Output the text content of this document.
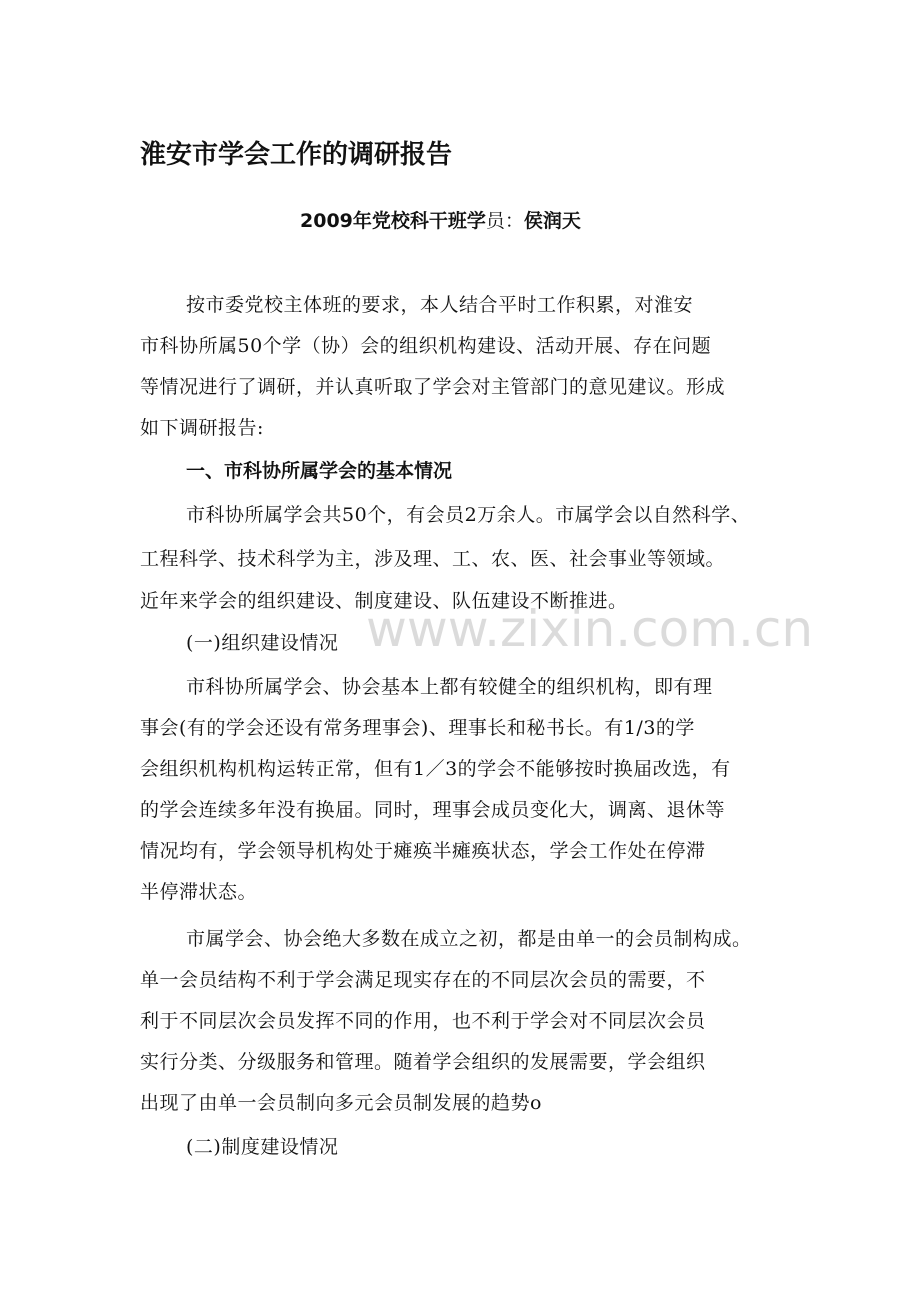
淮安市学会工作的调研报告
2009年党校科干班学员：侯润天
按市委党校主体班的要求，本人结合平时工作积累，对淮安
市科协所属50个学（协）会的组织机构建设、活动开展、存在问题
等情况进行了调研，并认真听取了学会对主管部门的意见建议。形成
如下调研报告:
一、市科协所属学会的基本情况
市科协所属学会共50个，有会员2万余人。市属学会以自然科学、
工程科学、技术科学为主，涉及理、工、农、医、社会事业等领域。
近年来学会的组织建设、制度建设、队伍建设不断推进。
(一)组织建设情况
市科协所属学会、协会基本上都有较健全的组织机构，即有理
事会(有的学会还设有常务理事会)、理事长和秘书长。有1/3的学
会组织机构机构运转正常，但有1／3的学会不能够按时换届改选，有
的学会连续多年没有换届。同时，理事会成员变化大，调离、退休等
情况均有，学会领导机构处于瘫痪半瘫痪状态，学会工作处在停滞
半停滞状态。
市属学会、协会绝大多数在成立之初，都是由单一的会员制构成。
单一会员结构不利于学会满足现实存在的不同层次会员的需要，不
利于不同层次会员发挥不同的作用，也不利于学会对不同层次会员
实行分类、分级服务和管理。随着学会组织的发展需要，学会组织
出现了由单一会员制向多元会员制发展的趋势o
(二)制度建设情况
www.zixin.com.cn
